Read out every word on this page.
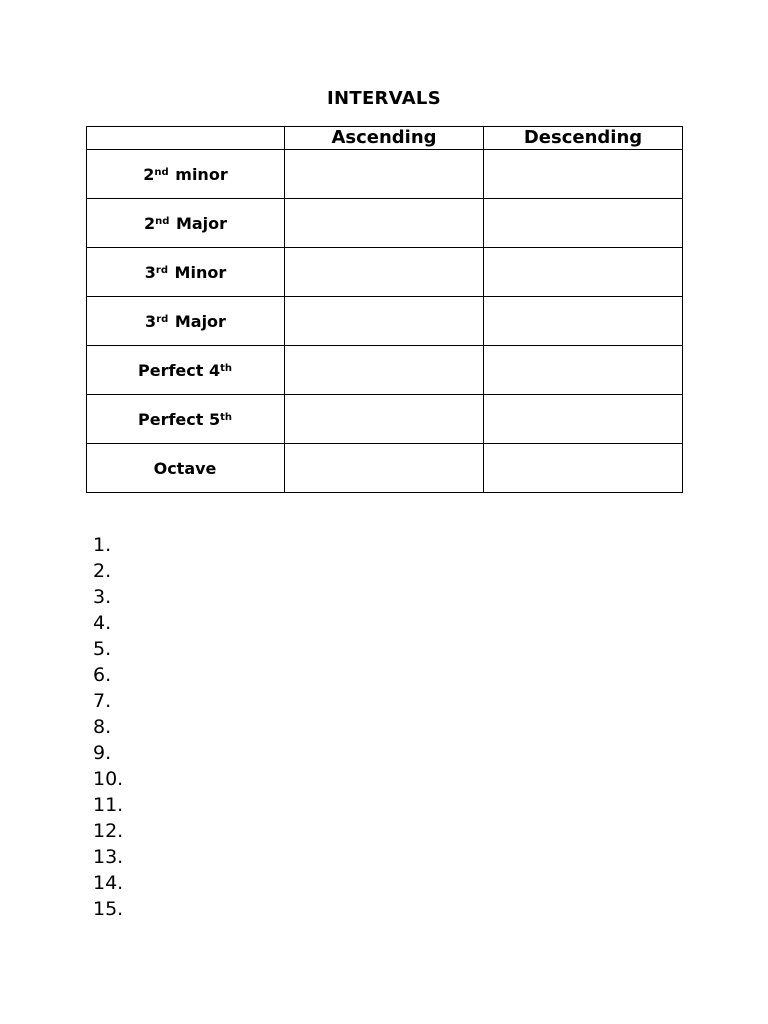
INTERVALS
	Ascending	Descending
2nd minor		
2nd Major		
3rd Minor		
3rd Major		
Perfect 4th		
Perfect 5th		
Octave		
1.
2.
3.
4.
5.
6.
7.
8.
9.
10.
11.
12.
13.
14.
15.
